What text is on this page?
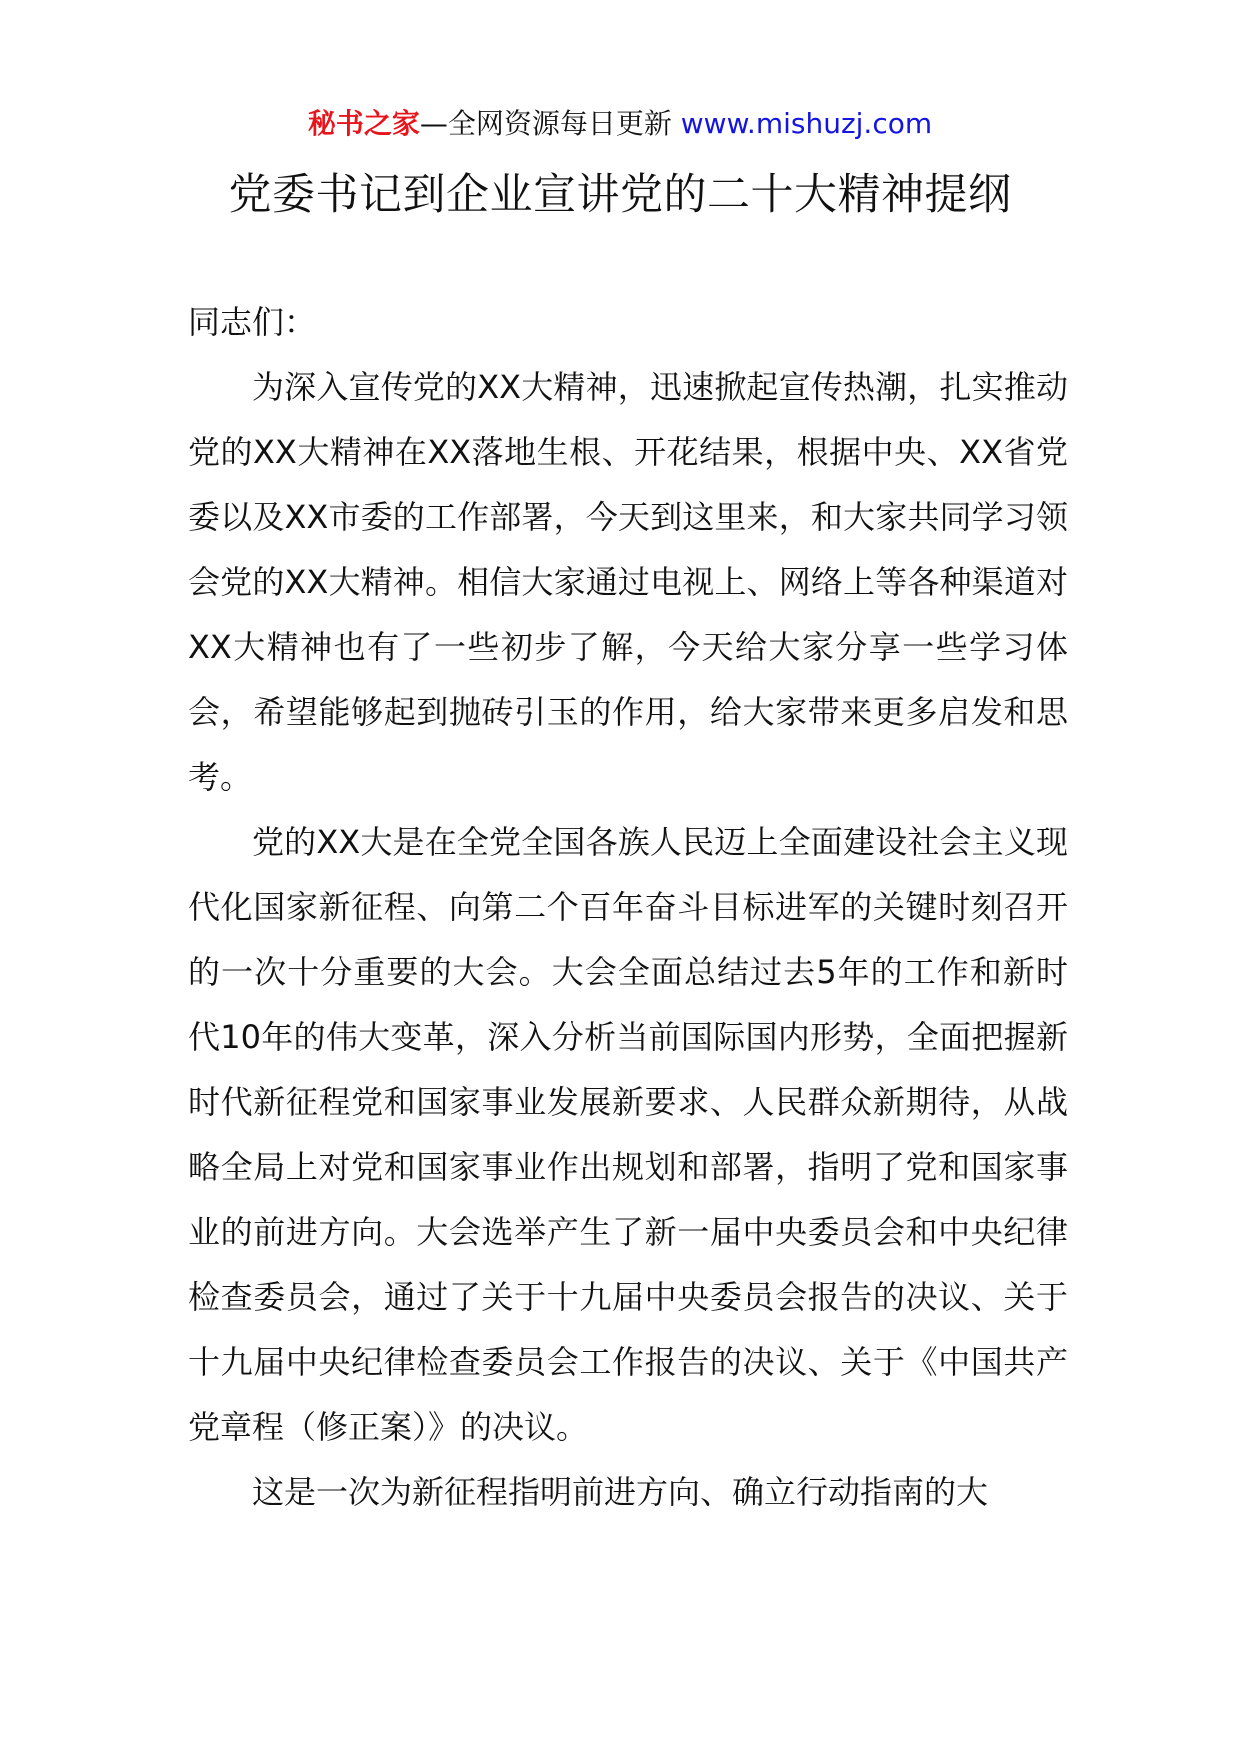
秘书之家—全网资源每日更新 www.mishuzj.com
党委书记到企业宣讲党的二十大精神提纲

同志们：

为深入宣传党的XX大精神，迅速掀起宣传热潮，扎实推动党的XX大精神在XX落地生根、开花结果，根据中央、XX省党委以及XX市委的工作部署，今天到这里来，和大家共同学习领会党的XX大精神。相信大家通过电视上、网络上等各种渠道对XX大精神也有了一些初步了解，今天给大家分享一些学习体会，希望能够起到抛砖引玉的作用，给大家带来更多启发和思考。

党的XX大是在全党全国各族人民迈上全面建设社会主义现代化国家新征程、向第二个百年奋斗目标进军的关键时刻召开的一次十分重要的大会。大会全面总结过去5年的工作和新时代10年的伟大变革，深入分析当前国际国内形势，全面把握新时代新征程党和国家事业发展新要求、人民群众新期待，从战略全局上对党和国家事业作出规划和部署，指明了党和国家事业的前进方向。大会选举产生了新一届中央委员会和中央纪律检查委员会，通过了关于十九届中央委员会报告的决议、关于十九届中央纪律检查委员会工作报告的决议、关于《中国共产党章程（修正案）》的决议。

这是一次为新征程指明前进方向、确立行动指南的大
